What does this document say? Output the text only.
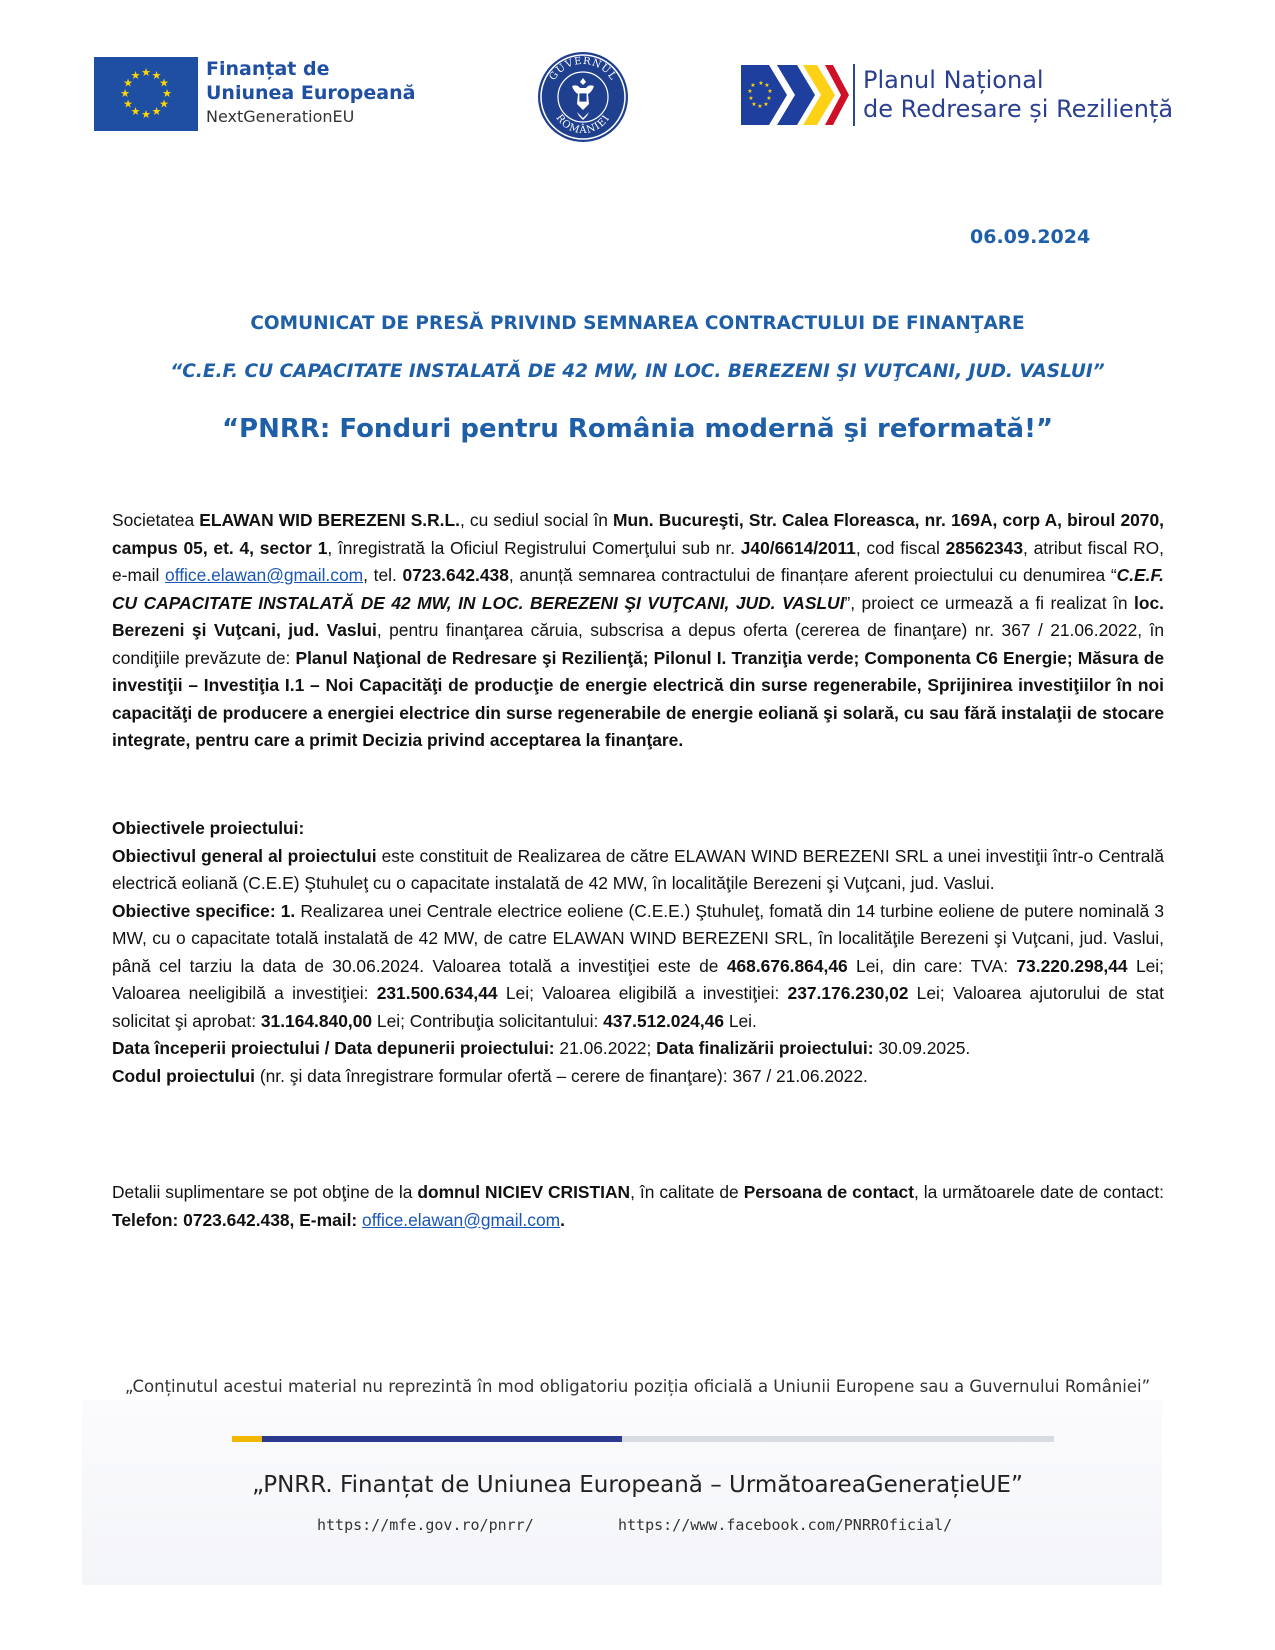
★ ★
★
★
★
★
★
★
★
★
★
★	Finanțat de
Uniunea Europeană
NextGenerationEU
GUVERNUL
ROMÂNIEI
★ ★
★
★
★
★
★
★
★
★	Planul Național
de Redresare și Reziliență
06.09.2024
COMUNICAT DE PRESĂ PRIVIND SEMNAREA CONTRACTULUI DE FINANŢARE
“C.E.F. CU CAPACITATE INSTALATĂ DE 42 MW, IN LOC. BEREZENI ŞI VUŢCANI, JUD. VASLUI”
“PNRR: Fonduri pentru România modernă şi reformată!”
Societatea ELAWAN WID BEREZENI S.R.L., cu sediul social în Mun. Bucureşti, Str. Calea Floreasca, nr. 169A, corp A, biroul 2070, campus 05, et. 4, sector 1, înregistrată la Oficiul Registrului Comerţului sub nr. J40/6614/2011, cod fiscal 28562343, atribut fiscal RO, e-mail office.elawan@gmail.com, tel. 0723.642.438, anunță semnarea contractului de finanțare aferent proiectului cu denumirea “C.E.F. CU CAPACITATE INSTALATĂ DE 42 MW, IN LOC. BEREZENI ŞI VUŢCANI, JUD. VASLUI”, proiect ce urmează a fi realizat în loc. Berezeni şi Vuţcani, jud. Vaslui, pentru finanţarea căruia, subscrisa a depus oferta (cererea de finanţare) nr. 367 / 21.06.2022, în condiţiile prevăzute de: Planul Naţional de Redresare şi Rezilienţă; Pilonul I. Tranziţia verde; Componenta C6 Energie; Măsura de investiţii – Investiţia I.1 – Noi Capacităţi de producţie de energie electrică din surse regenerabile, Sprijinirea investiţiilor în noi capacităţi de producere a energiei electrice din surse regenerabile de energie eoliană şi solară, cu sau fără instalaţii de stocare integrate, pentru care a primit Decizia privind acceptarea la finanţare.
Obiectivele proiectului:
Obiectivul general al proiectului este constituit de Realizarea de către ELAWAN WIND BEREZENI SRL a unei investiţii într-o Centrală electrică eoliană (C.E.E) Ştuhuleţ cu o capacitate instalată de 42 MW, în localităţile Berezeni şi Vuţcani, jud. Vaslui.
Obiective specifice: 1. Realizarea unei Centrale electrice eoliene (C.E.E.) Ştuhuleţ, fomată din 14 turbine eoliene de putere nominală 3 MW, cu o capacitate totală instalată de 42 MW, de catre ELAWAN WIND BEREZENI SRL, în localităţile Berezeni şi Vuţcani, jud. Vaslui, până cel tarziu la data de 30.06.2024. Valoarea totală a investiţiei este de 468.676.864,46 Lei, din care: TVA: 73.220.298,44 Lei; Valoarea neeligibilă a investiţiei: 231.500.634,44 Lei; Valoarea eligibilă a investiţiei: 237.176.230,02 Lei; Valoarea ajutorului de stat solicitat şi aprobat: 31.164.840,00 Lei; Contribuţia solicitantului: 437.512.024,46 Lei.
Data începerii proiectului / Data depunerii proiectului: 21.06.2022; Data finalizării proiectului: 30.09.2025.
Codul proiectului (nr. şi data înregistrare formular ofertă – cerere de finanţare): 367 / 21.06.2022.
Detalii suplimentare se pot obţine de la domnul NICIEV CRISTIAN, în calitate de Persoana de contact, la următoarele date de contact: Telefon: 0723.642.438, E-mail: office.elawan@gmail.com.
„Conținutul acestui material nu reprezintă în mod obligatoriu poziția oficială a Uniunii Europene sau a Guvernului României”
„PNRR. Finanțat de Uniunea Europeană – UrmătoareaGenerațieUE”
https://mfe.gov.ro/pnrr/	https://www.facebook.com/PNRROficial/
